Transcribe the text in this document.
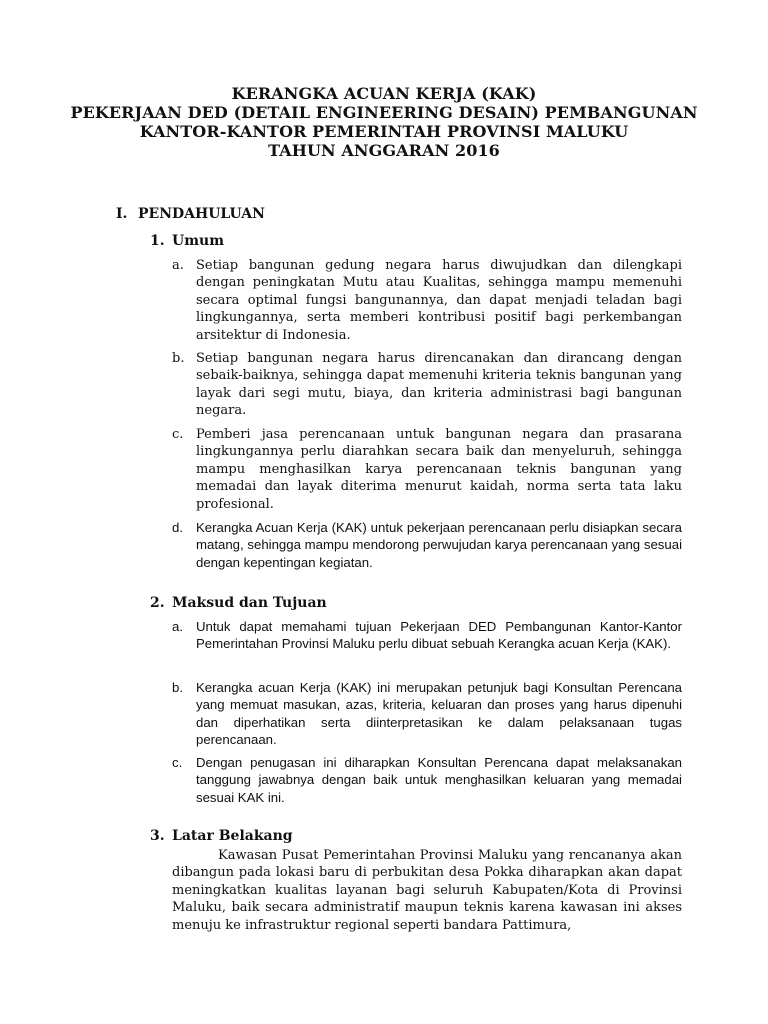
KERANGKA ACUAN KERJA (KAK)
PEKERJAAN DED (DETAIL ENGINEERING DESAIN) PEMBANGUNAN
KANTOR-KANTOR PEMERINTAH PROVINSI MALUKU
TAHUN ANGGARAN 2016
I. PENDAHULUAN
1. Umum
a. Setiap bangunan gedung negara harus diwujudkan dan dilengkapi dengan peningkatan Mutu atau Kualitas, sehingga mampu memenuhi secara optimal fungsi bangunannya, dan dapat menjadi teladan bagi lingkungannya, serta memberi kontribusi positif bagi perkembangan arsitektur di Indonesia.
b. Setiap bangunan negara harus direncanakan dan dirancang dengan sebaik-baiknya, sehingga dapat memenuhi kriteria teknis bangunan yang layak dari segi mutu, biaya, dan kriteria administrasi bagi bangunan negara.
c. Pemberi jasa perencanaan untuk bangunan negara dan prasarana lingkungannya perlu diarahkan secara baik dan menyeluruh, sehingga mampu menghasilkan karya perencanaan teknis bangunan yang memadai dan layak diterima menurut kaidah, norma serta tata laku profesional.
d. Kerangka Acuan Kerja (KAK) untuk pekerjaan perencanaan perlu disiapkan secara matang, sehingga mampu mendorong perwujudan karya perencanaan yang sesuai dengan kepentingan kegiatan.
2. Maksud dan Tujuan
a. Untuk dapat memahami tujuan Pekerjaan DED Pembangunan Kantor-Kantor Pemerintahan Provinsi Maluku perlu dibuat sebuah Kerangka acuan Kerja (KAK).
b. Kerangka acuan Kerja (KAK) ini merupakan petunjuk bagi Konsultan Perencana yang memuat masukan, azas, kriteria, keluaran dan proses yang harus dipenuhi dan diperhatikan serta diinterpretasikan ke dalam pelaksanaan tugas perencanaan.
c.	Dengan penugasan ini diharapkan Konsultan Perencana dapat melaksanakan tanggung jawabnya dengan baik untuk menghasilkan keluaran yang memadai sesuai KAK ini.
3. Latar Belakang
Kawasan Pusat Pemerintahan Provinsi Maluku yang rencananya akan dibangun pada lokasi baru di perbukitan desa Pokka diharapkan akan dapat meningkatkan kualitas layanan bagi seluruh Kabupaten/Kota di Provinsi Maluku, baik secara administratif maupun teknis karena kawasan ini akses menuju ke infrastruktur regional seperti bandara Pattimura,
